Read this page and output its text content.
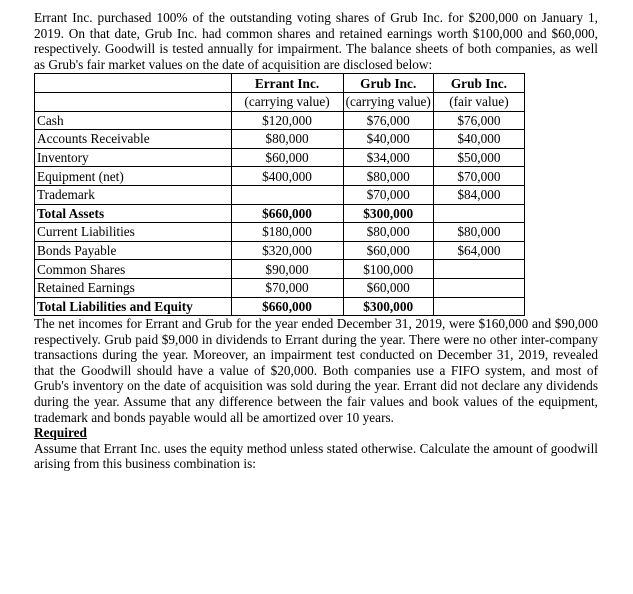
Errant Inc. purchased 100% of the outstanding voting shares of Grub Inc. for $200,000 on January 1, 2019. On that date, Grub Inc. had common shares and retained earnings worth $100,000 and $60,000, respectively. Goodwill is tested annually for impairment. The balance sheets of both companies, as well as Grub's fair market values on the date of acquisition are disclosed below:

	Errant Inc.	Grub Inc.	Grub Inc.
	(carrying value)	(carrying value)	(fair value)
Cash	$120,000	$76,000	$76,000
Accounts Receivable	$80,000	$40,000	$40,000
Inventory	$60,000	$34,000	$50,000
Equipment (net)	$400,000	$80,000	$70,000
Trademark		$70,000	$84,000
Total Assets	$660,000	$300,000	
Current Liabilities	$180,000	$80,000	$80,000
Bonds Payable	$320,000	$60,000	$64,000
Common Shares	$90,000	$100,000	
Retained Earnings	$70,000	$60,000	
Total Liabilities and Equity	$660,000	$300,000	

The net incomes for Errant and Grub for the year ended December 31, 2019, were $160,000 and $90,000 respectively. Grub paid $9,000 in dividends to Errant during the year. There were no other inter-company transactions during the year. Moreover, an impairment test conducted on December 31, 2019, revealed that the Goodwill should have a value of $20,000. Both companies use a FIFO system, and most of Grub's inventory on the date of acquisition was sold during the year. Errant did not declare any dividends during the year. Assume that any difference between the fair values and book values of the equipment, trademark and bonds payable would all be amortized over 10 years.

Required

Assume that Errant Inc. uses the equity method unless stated otherwise. Calculate the amount of goodwill arising from this business combination is:
